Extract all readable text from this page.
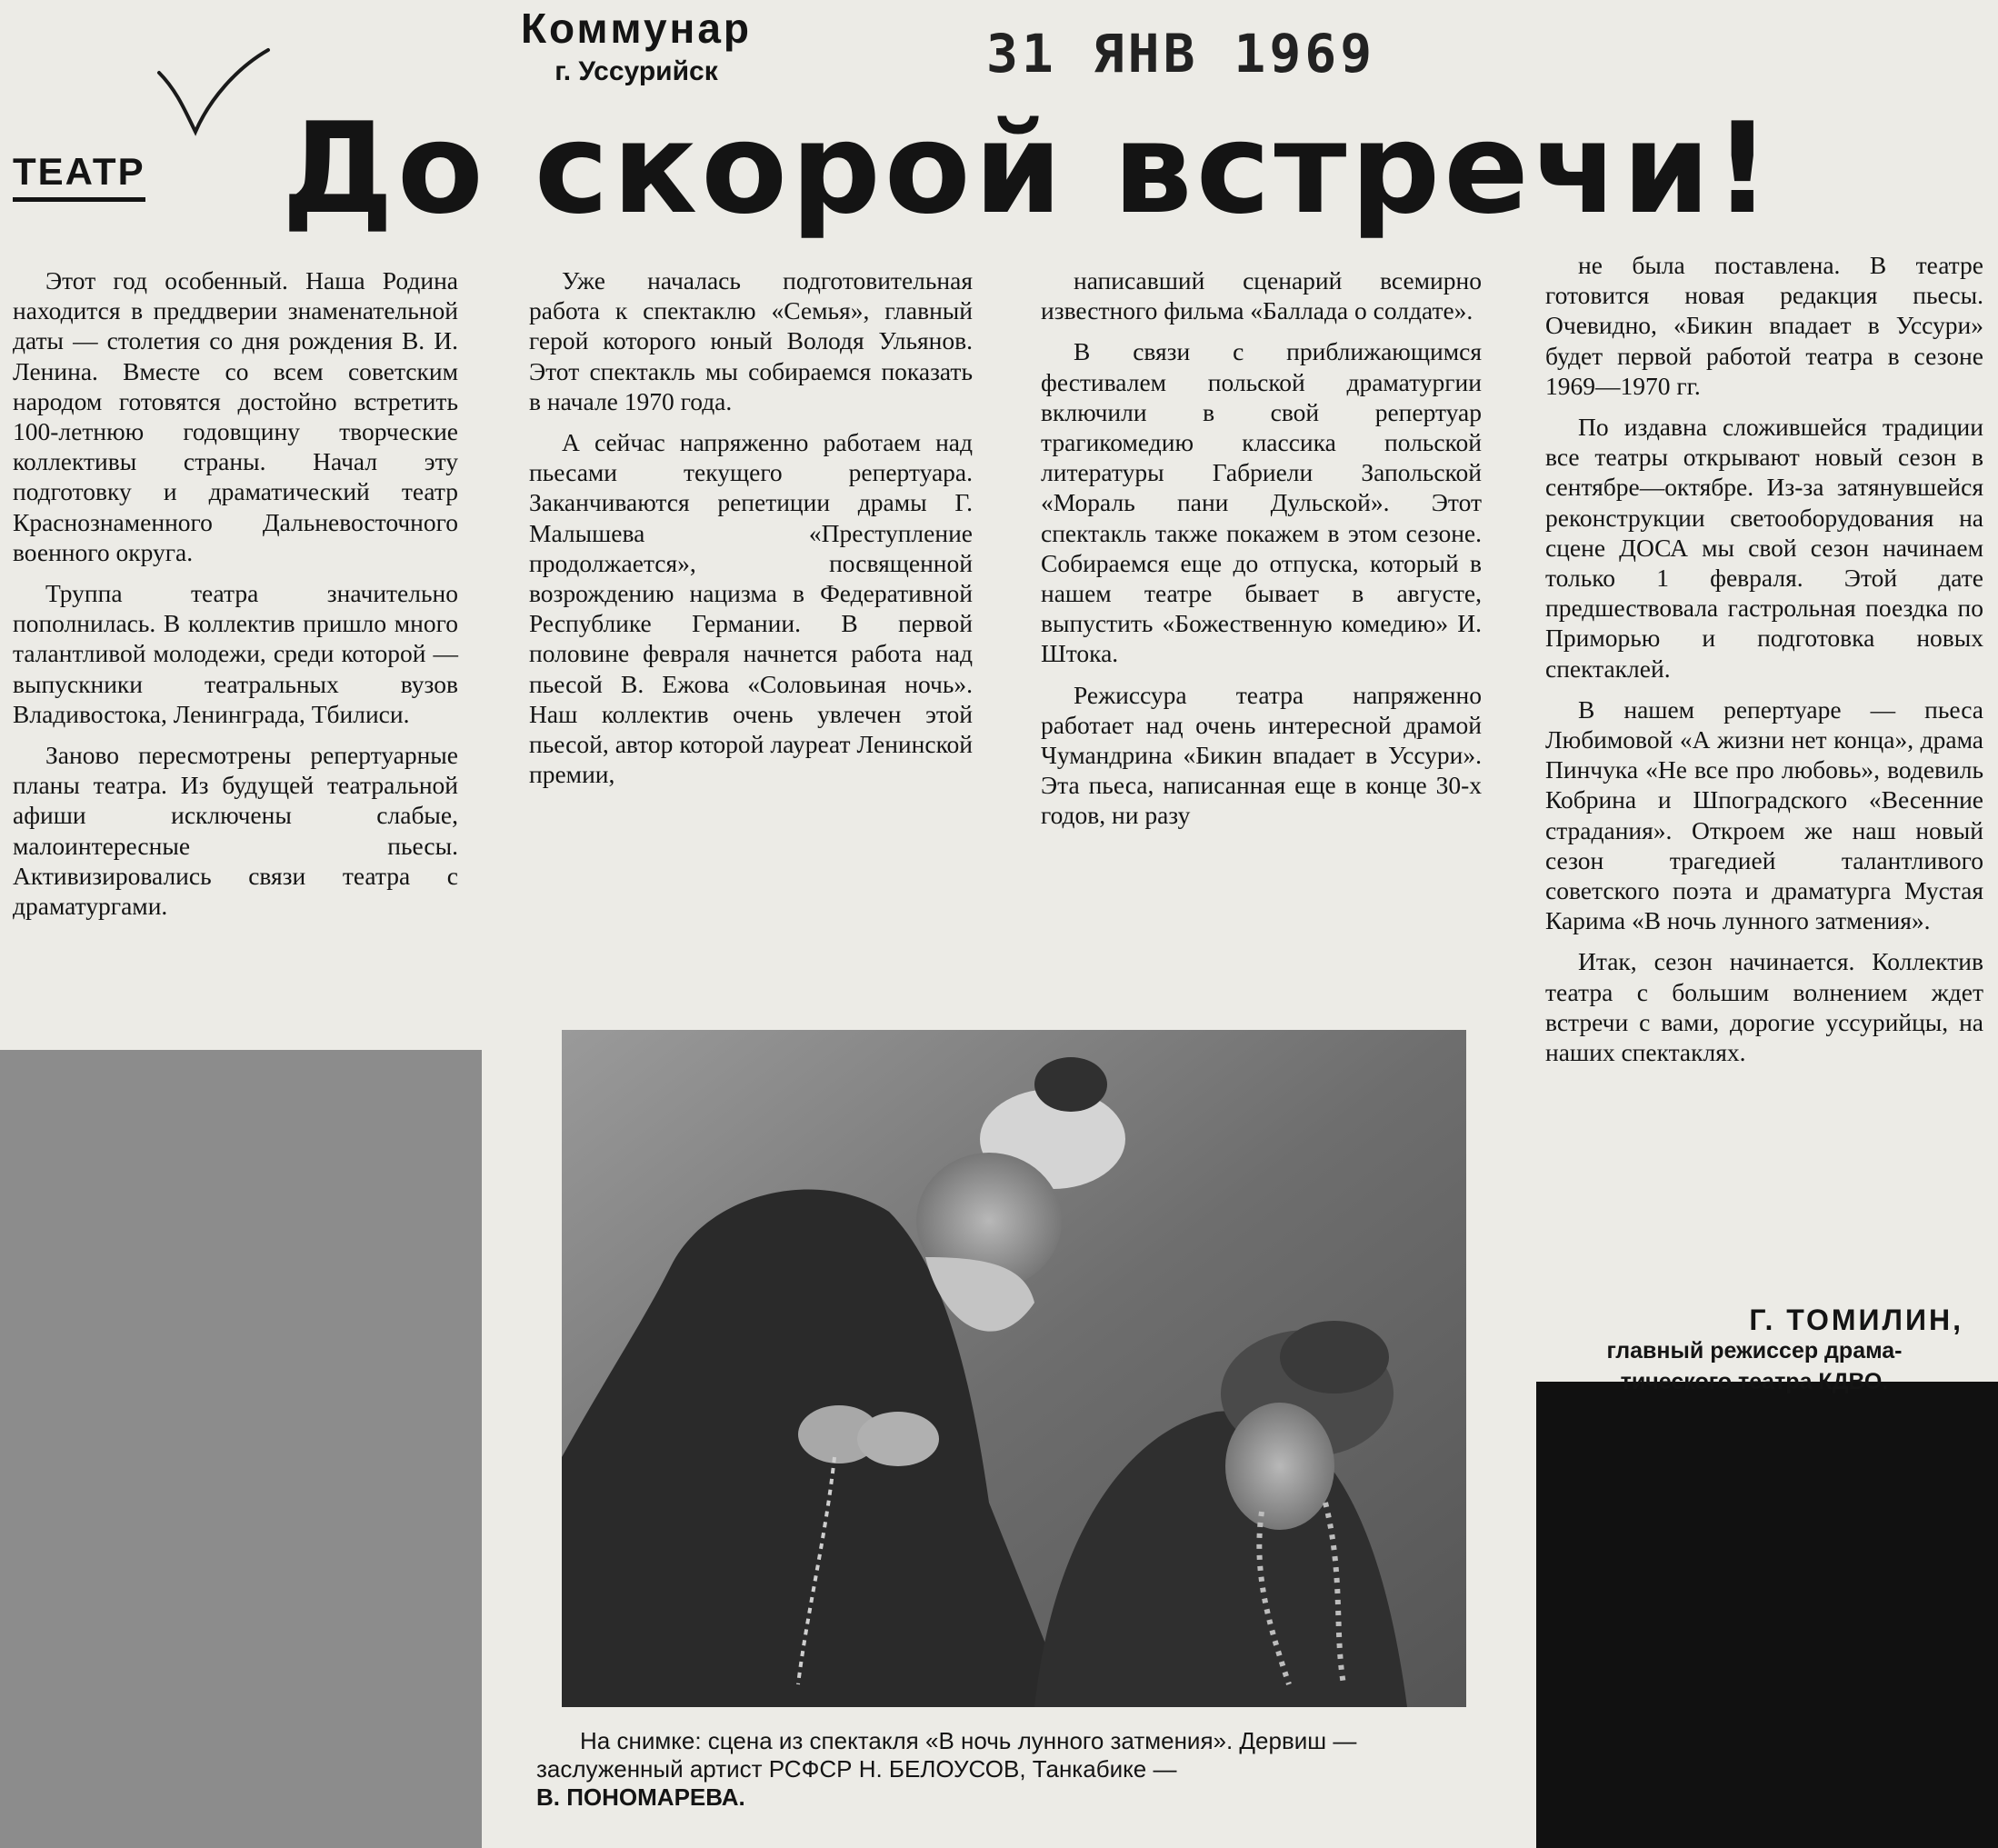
Коммунар
г. Уссурийск	31 ЯНВ 1969
ТЕАТР До скорой встречи!

Этот год особенный. Наша Родина находится в преддверии знаменательной даты — столетия со дня рождения В. И. Ленина. Вместе со всем советским народом готовятся достойно встретить 100-летнюю годовщину творческие коллективы страны. Начал эту подготовку и драматический театр Краснознаменного Дальневосточного военного округа.

Труппа театра значительно пополнилась. В коллектив пришло много талантливой молодежи, среди которой — выпускники театральных вузов Владивостока, Ленинграда, Тбилиси.

Заново пересмотрены репертуарные планы театра. Из будущей театральной афиши исключены слабые, малоинтересные пьесы. Активизировались связи театра с драматургами.

Уже началась подготовительная работа к спектаклю «Семья», главный герой которого юный Володя Ульянов. Этот спектакль мы собираемся показать в начале 1970 года.

А сейчас напряженно работаем над пьесами текущего репертуара. Заканчиваются репетиции драмы Г. Малышева «Преступление продолжается», посвященной возрождению нацизма в Федеративной Республике Германии. В первой половине февраля начнется работа над пьесой В. Ежова «Соловьиная ночь». Наш коллектив очень увлечен этой пьесой, автор которой лауреат Ленинской премии,

написавший сценарий всемирно известного фильма «Баллада о солдате».

В связи с приближающимся фестивалем польской драматургии включили в свой репертуар трагикомедию классика польской литературы Габриели Запольской «Мораль пани Дульской». Этот спектакль также покажем в этом сезоне. Собираемся еще до отпуска, который в нашем театре бывает в августе, выпустить «Божественную комедию» И. Штока.

Режиссура театра напряженно работает над очень интересной драмой Чумандрина «Бикин впадает в Уссури». Эта пьеса, написанная еще в конце 30-х годов, ни разу

не была поставлена. В театре готовится новая редакция пьесы. Очевидно, «Бикин впадает в Уссури» будет первой работой театра в сезоне 1969—1970 гг.

По издавна сложившейся традиции все театры открывают новый сезон в сентябре—октябре. Из-за затянувшейся реконструкции светооборудования на сцене ДОСА мы свой сезон начинаем только 1 февраля. Этой дате предшествовала гастрольная поездка по Приморью и подготовка новых спектаклей.

В нашем репертуаре — пьеса Любимовой «А жизни нет конца», драма Пинчука «Не все про любовь», водевиль Кобрина и Шпоградского «Весенние страдания». Откроем же наш новый сезон трагедией талантливого советского поэта и драматурга Мустая Карима «В ночь лунного затмения».

Итак, сезон начинается. Коллектив театра с большим волнением ждет встречи с вами, дорогие уссурийцы, на наших спектаклях.

Г. ТОМИЛИН,
главный режиссер драма-
тического театра КДВО.
На снимке: сцена из спектакля «В ночь лунного затмения». Дервиш — заслуженный артист РСФСР Н. БЕЛОУСОВ, Танкабике —
В. ПОНОМАРЕВА.
